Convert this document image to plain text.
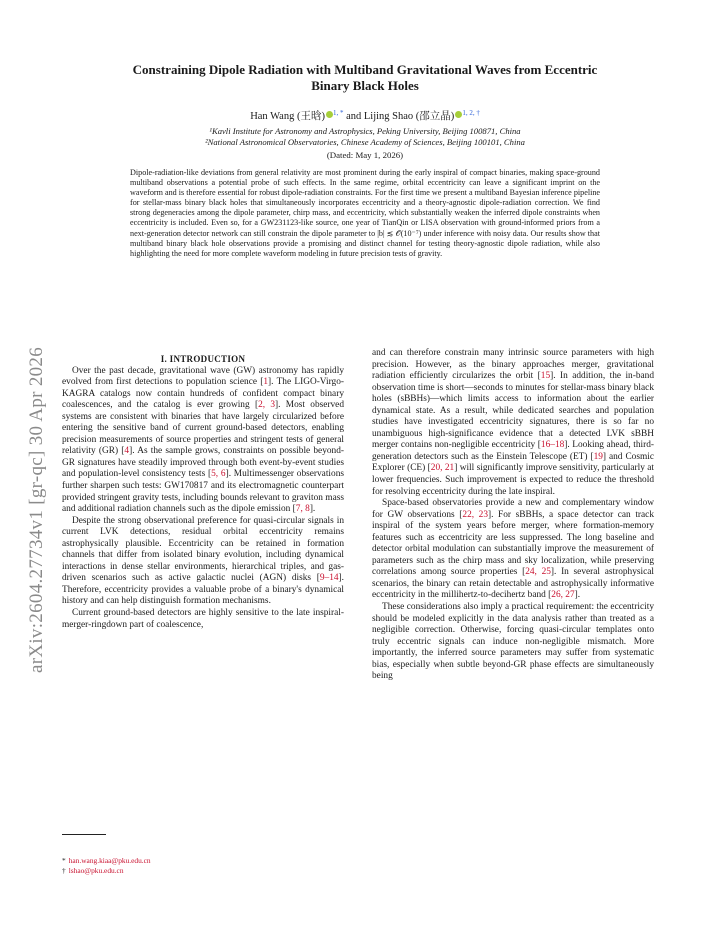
arXiv:2604.27734v1 [gr-qc] 30 Apr 2026
Constraining Dipole Radiation with Multiband Gravitational Waves from Eccentric
Binary Black Holes
Han Wang (王晗) $^{1, *}$ and Lijing Shao (邵立晶) $^{1, 2, \dagger}$
¹Kavli Institute for Astronomy and Astrophysics, Peking University, Beijing 100871, China
²National Astronomical Observatories, Chinese Academy of Sciences, Beijing 100101, China
(Dated: May 1, 2026)
Dipole-radiation-like deviations from general relativity are most prominent during the early inspiral of compact binaries, making space-ground multiband observations a potential probe of such effects. In the same regime, orbital eccentricity can leave a significant imprint on the waveform and is therefore essential for robust dipole-radiation constraints. For the first time we present a multiband Bayesian inference pipeline for stellar-mass binary black holes that simultaneously incorporates eccentricity and a theory-agnostic dipole-radiation correction. We find strong degeneracies among the dipole parameter, chirp mass, and eccentricity, which substantially weaken the inferred dipole constraints when eccentricity is included. Even so, for a GW231123-like source, one year of TianQin or LISA observation with ground-informed priors from a next-generation detector network can still constrain the dipole parameter to |b| ≲ 𝒪(10⁻⁷) under inference with noisy data. Our results show that multiband binary black hole observations provide a promising and distinct channel for testing theory-agnostic dipole radiation, while also highlighting the need for more complete waveform modeling in future precision tests of gravity.

I. INTRODUCTION

Over the past decade, gravitational wave (GW) astronomy has rapidly evolved from first detections to population science [1]. The LIGO-Virgo-KAGRA catalogs now contain hundreds of confident compact binary coalescences, and the catalog is ever growing [2, 3]. Most observed systems are consistent with binaries that have largely circularized before entering the sensitive band of current ground-based detectors, enabling precision measurements of source properties and stringent tests of general relativity (GR) [4]. As the sample grows, constraints on possible beyond-GR signatures have steadily improved through both event-by-event studies and population-level consistency tests [5, 6]. Multimessenger observations further sharpen such tests: GW170817 and its electromagnetic counterpart provided stringent gravity tests, including bounds relevant to graviton mass and additional radiation channels such as the dipole emission [7, 8].

Despite the strong observational preference for quasi-circular signals in current LVK detections, residual orbital eccentricity remains astrophysically plausible. Eccentricity can be retained in formation channels that differ from isolated binary evolution, including dynamical interactions in dense stellar environments, hierarchical triples, and gas-driven scenarios such as active galactic nuclei (AGN) disks [9–14]. Therefore, eccentricity provides a valuable probe of a binary's dynamical history and can help distinguish formation mechanisms.

Current ground-based detectors are highly sensitive to the late inspiral-merger-ringdown part of coalescence,

and can therefore constrain many intrinsic source parameters with high precision. However, as the binary approaches merger, gravitational radiation efficiently circularizes the orbit [15]. In addition, the in-band observation time is short—seconds to minutes for stellar-mass binary black holes (sBBHs)—which limits access to information about the earlier dynamical state. As a result, while dedicated searches and population studies have investigated eccentricity signatures, there is so far no unambiguous high-significance evidence that a detected LVK sBBH merger contains non-negligible eccentricity [16–18]. Looking ahead, third-generation detectors such as the Einstein Telescope (ET) [19] and Cosmic Explorer (CE) [20, 21] will significantly improve sensitivity, particularly at lower frequencies. Such improvement is expected to reduce the threshold for resolving eccentricity during the late inspiral.

Space-based observatories provide a new and complementary window for GW observations [22, 23]. For sBBHs, a space detector can track inspiral of the system years before merger, where formation-memory features such as eccentricity are less suppressed. The long baseline and detector orbital modulation can substantially improve the measurement of parameters such as the chirp mass and sky localization, while preserving correlations among source properties [24, 25]. In several astrophysical scenarios, the binary can retain detectable and astrophysically informative eccentricity in the millihertz-to-decihertz band [26, 27].

These considerations also imply a practical requirement: the eccentricity should be modeled explicitly in the data analysis rather than treated as a negligible correction. Otherwise, forcing quasi-circular templates onto truly eccentric signals can induce non-negligible mismatch. More importantly, the inferred source parameters may suffer from systematic bias, especially when subtle beyond-GR phase effects are simultaneously being

* han.wang.kiaa@pku.edu.cn
† lshao@pku.edu.cn
